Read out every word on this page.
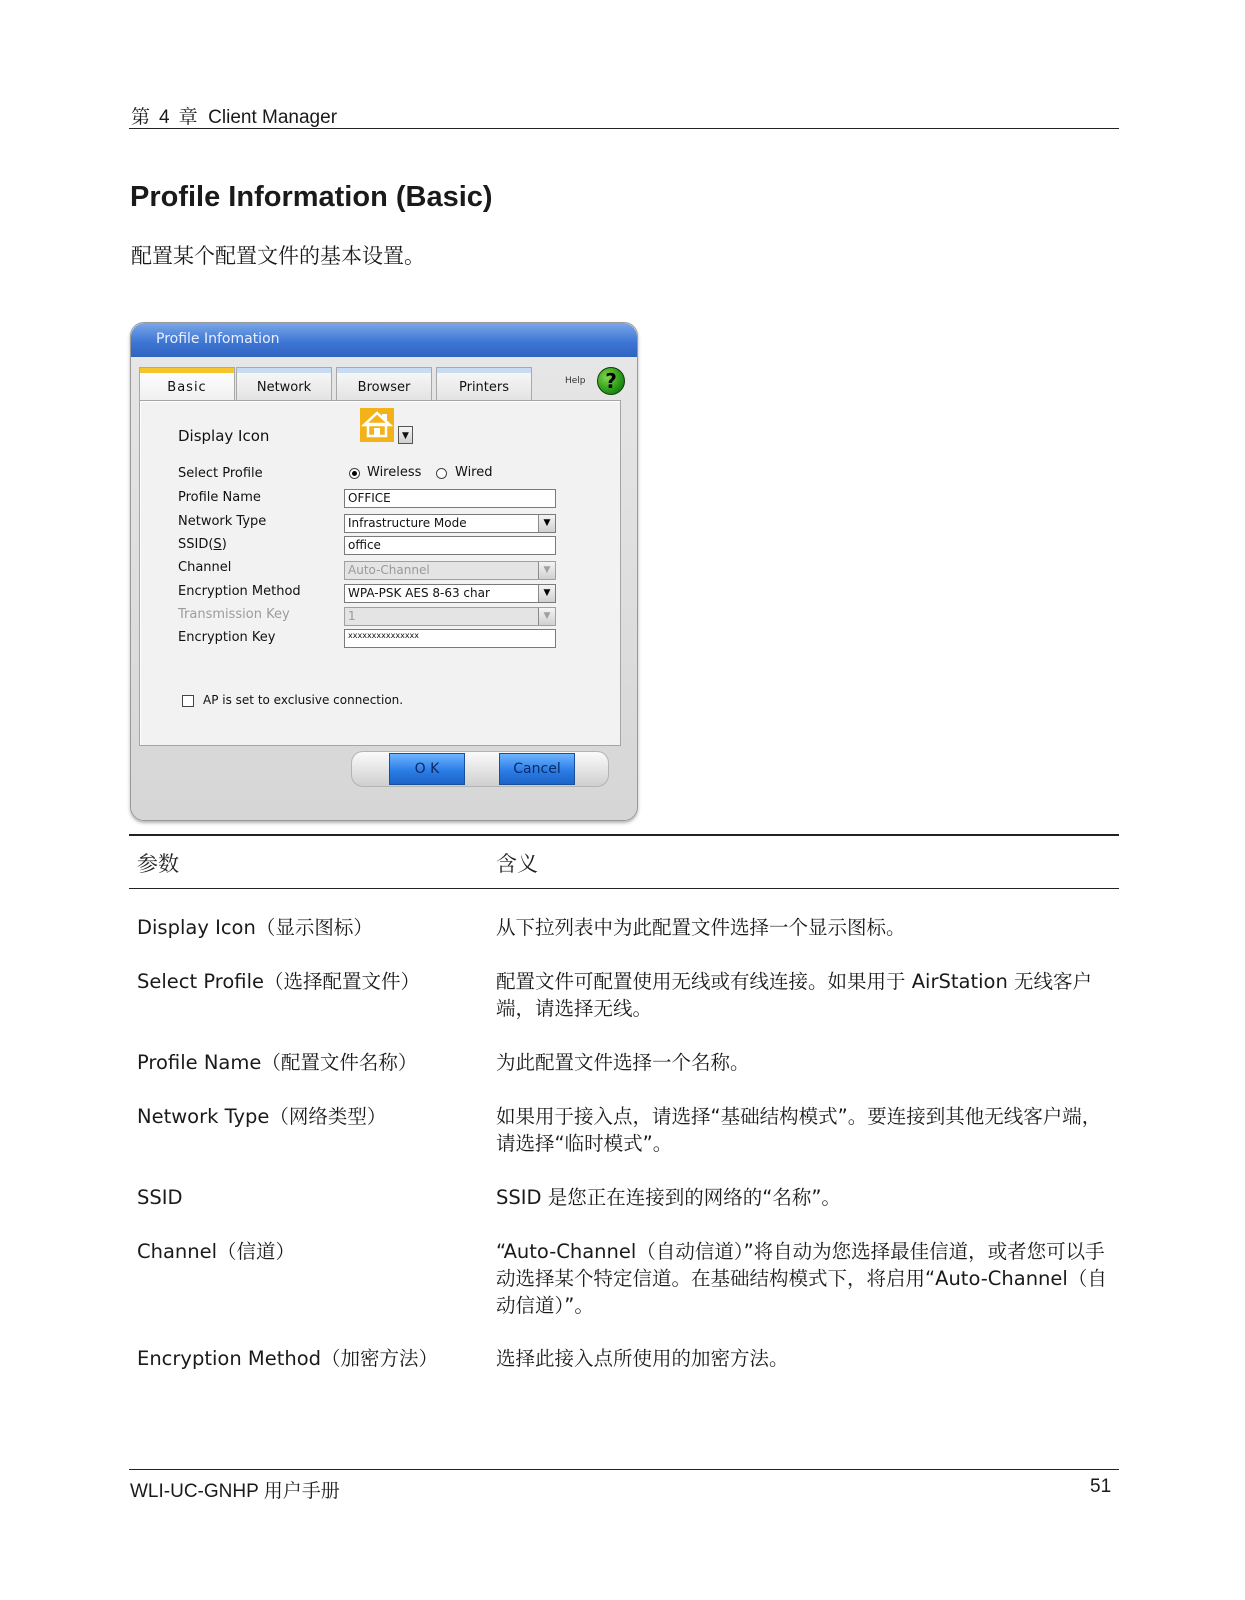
第 4 章 Client Manager
Profile Information (Basic)
配置某个配置文件的基本设置。
Profile Infomation
Basic	Network	Browser	Printers	Help ?
Display Icon	▼
Select Profile	Wireless	Wired
Profile Name	OFFICE
Network Type	Infrastructure Mode	▼
SSID(S)	office
Channel	Auto-Channel	▼
Encryption Method	WPA-PSK AES 8-63 char	▼
Transmission Key	1	▼
Encryption Key	xxxxxxxxxxxxxxx
AP is set to exclusive connection.
O K	Cancel
参数	含义
Display Icon（显示图标）	从下拉列表中为此配置文件选择一个显示图标。
Select Profile（选择配置文件）	配置文件可配置使用无线或有线连接。如果用于 AirStation 无线客户端，请选择无线。
Profile Name（配置文件名称）	为此配置文件选择一个名称。
Network Type（网络类型）	如果用于接入点，请选择“基础结构模式”。要连接到其他无线客户端，请选择“临时模式”。
SSID	SSID 是您正在连接到的网络的“名称”。
Channel（信道）	“Auto-Channel（自动信道）”将自动为您选择最佳信道，或者您可以手动选择某个特定信道。在基础结构模式下，将启用“Auto-Channel（自动信道）”。
Encryption Method（加密方法）	选择此接入点所使用的加密方法。
WLI-UC-GNHP 用户手册	51
